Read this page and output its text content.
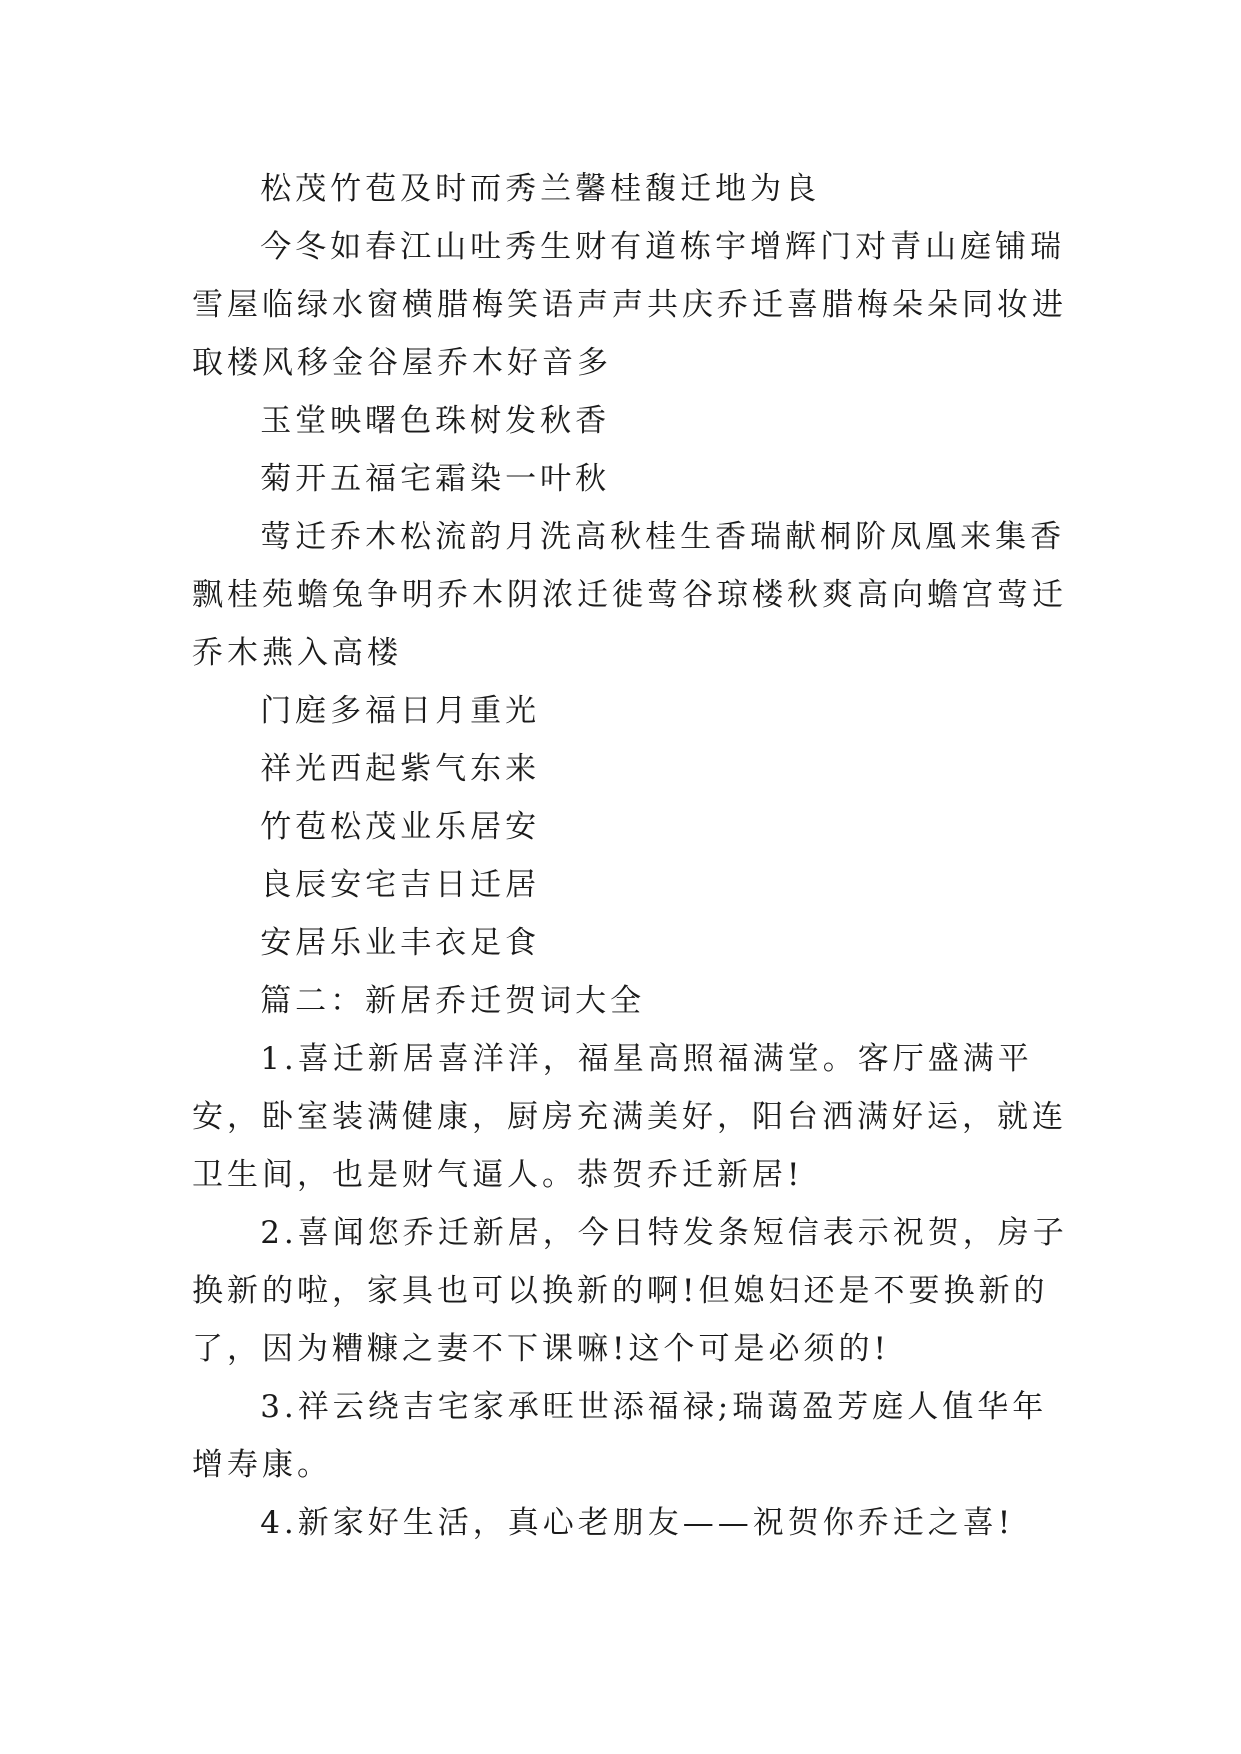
松茂竹苞及时而秀兰馨桂馥迁地为良

今冬如春江山吐秀生财有道栋宇增辉门对青山庭铺瑞雪屋临绿水窗横腊梅笑语声声共庆乔迁喜腊梅朵朵同妆进取楼风移金谷屋乔木好音多

玉堂映曙色珠树发秋香

菊开五福宅霜染一叶秋

莺迁乔木松流韵月洗高秋桂生香瑞献桐阶凤凰来集香飘桂苑蟾兔争明乔木阴浓迁徙莺谷琼楼秋爽高向蟾宫莺迁乔木燕入高楼

门庭多福日月重光

祥光西起紫气东来

竹苞松茂业乐居安

良辰安宅吉日迁居

安居乐业丰衣足食

篇二：新居乔迁贺词大全

1.喜迁新居喜洋洋，福星高照福满堂。客厅盛满平安，卧室装满健康，厨房充满美好，阳台洒满好运，就连卫生间，也是财气逼人。恭贺乔迁新居!

2.喜闻您乔迁新居，今日特发条短信表示祝贺，房子换新的啦，家具也可以换新的啊!但媳妇还是不要换新的了，因为糟糠之妻不下课嘛!这个可是必须的!

3.祥云绕吉宅家承旺世添福禄;瑞蔼盈芳庭人值华年增寿康。

4.新家好生活，真心老朋友——祝贺你乔迁之喜!
